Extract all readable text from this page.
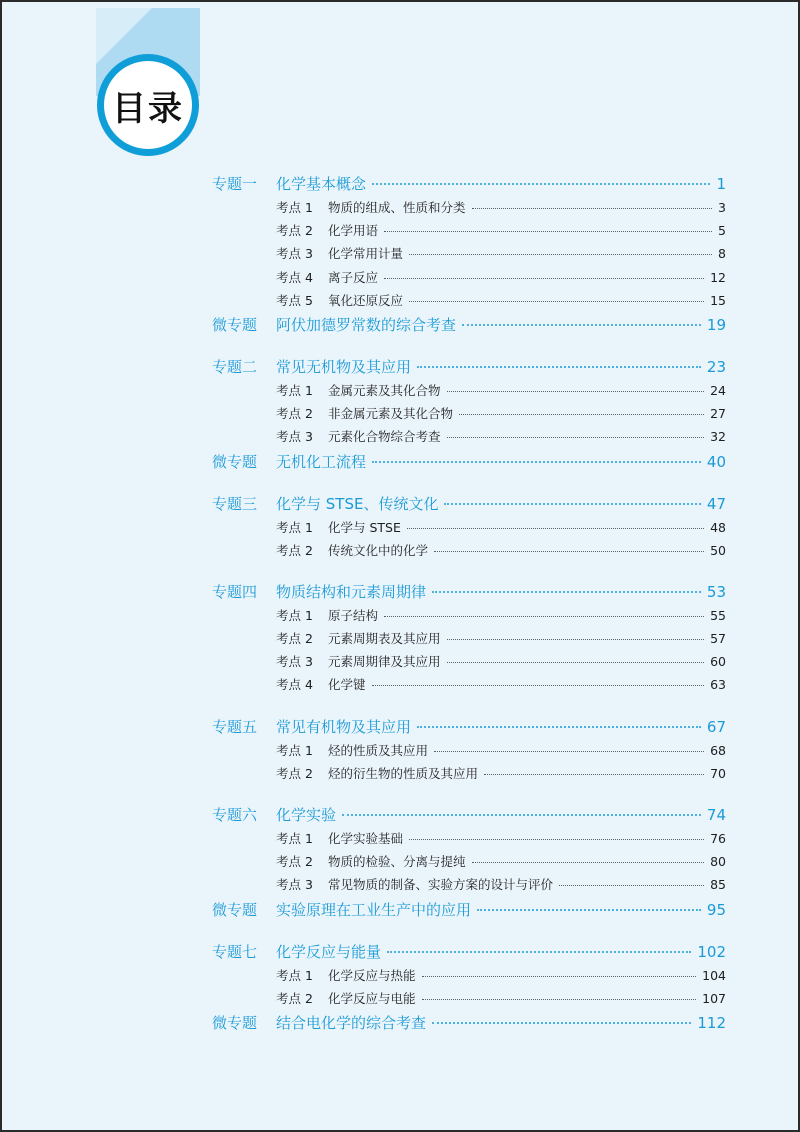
目录
专题一	化学基本概念	1
考点 1	物质的组成、性质和分类	3
考点 2	化学用语	5
考点 3	化学常用计量	8
考点 4	离子反应	12
考点 5	氧化还原反应	15
微专题	阿伏加德罗常数的综合考查	19
专题二	常见无机物及其应用	23
考点 1	金属元素及其化合物	24
考点 2	非金属元素及其化合物	27
考点 3	元素化合物综合考查	32
微专题	无机化工流程	40
专题三	化学与 STSE、传统文化	47
考点 1	化学与 STSE	48
考点 2	传统文化中的化学	50
专题四	物质结构和元素周期律	53
考点 1	原子结构	55
考点 2	元素周期表及其应用	57
考点 3	元素周期律及其应用	60
考点 4	化学键	63
专题五	常见有机物及其应用	67
考点 1	烃的性质及其应用	68
考点 2	烃的衍生物的性质及其应用	70
专题六	化学实验	74
考点 1	化学实验基础	76
考点 2	物质的检验、分离与提纯	80
考点 3	常见物质的制备、实验方案的设计与评价	85
微专题	实验原理在工业生产中的应用	95
专题七	化学反应与能量	102
考点 1	化学反应与热能	104
考点 2	化学反应与电能	107
微专题	结合电化学的综合考查	112
